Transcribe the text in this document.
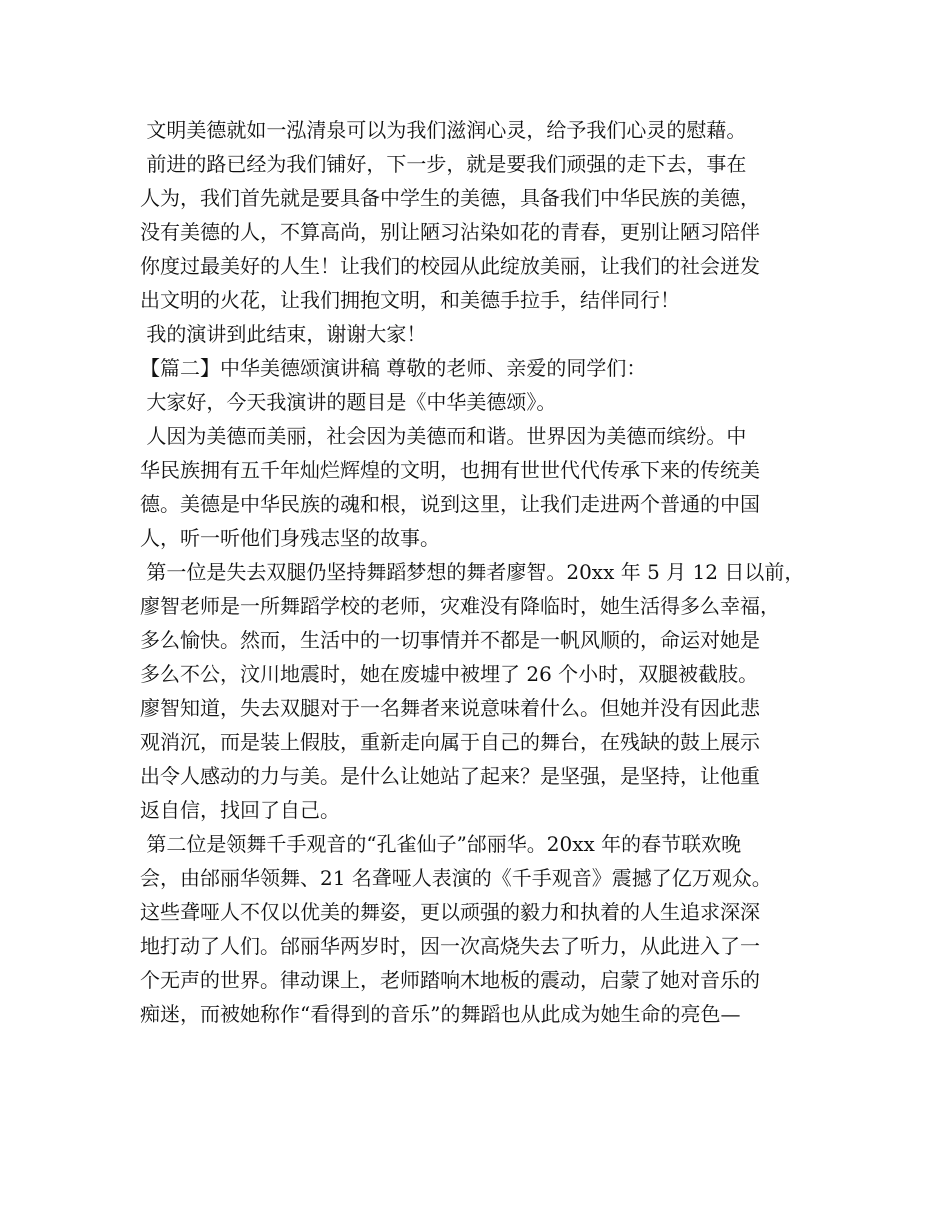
文明美德就如一泓清泉可以为我们滋润心灵，给予我们心灵的慰藉。
前进的路已经为我们铺好，下一步，就是要我们顽强的走下去，事在
人为，我们首先就是要具备中学生的美德，具备我们中华民族的美德，
没有美德的人，不算高尚，别让陋习沾染如花的青春，更别让陋习陪伴
你度过最美好的人生！让我们的校园从此绽放美丽，让我们的社会迸发
出文明的火花，让我们拥抱文明，和美德手拉手，结伴同行！
我的演讲到此结束，谢谢大家！
【篇二】中华美德颂演讲稿 尊敬的老师、亲爱的同学们：
大家好，今天我演讲的题目是《中华美德颂》。
人因为美德而美丽，社会因为美德而和谐。世界因为美德而缤纷。中
华民族拥有五千年灿烂辉煌的文明，也拥有世世代代传承下来的传统美
德。美德是中华民族的魂和根，说到这里，让我们走进两个普通的中国
人，听一听他们身残志坚的故事。
第一位是失去双腿仍坚持舞蹈梦想的舞者廖智。20xx 年 5 月 12 日以前，
廖智老师是一所舞蹈学校的老师，灾难没有降临时，她生活得多么幸福，
多么愉快。然而，生活中的一切事情并不都是一帆风顺的，命运对她是
多么不公，汶川地震时，她在废墟中被埋了 26 个小时，双腿被截肢。
廖智知道，失去双腿对于一名舞者来说意味着什么。但她并没有因此悲
观消沉，而是装上假肢，重新走向属于自己的舞台，在残缺的鼓上展示
出令人感动的力与美。是什么让她站了起来？是坚强，是坚持，让他重
返自信，找回了自己。
第二位是领舞千手观音的“孔雀仙子”邰丽华。20xx 年的春节联欢晚
会，由邰丽华领舞、21 名聋哑人表演的《千手观音》震撼了亿万观众。
这些聋哑人不仅以优美的舞姿，更以顽强的毅力和执着的人生追求深深
地打动了人们。邰丽华两岁时，因一次高烧失去了听力，从此进入了一
个无声的世界。律动课上，老师踏响木地板的震动，启蒙了她对音乐的
痴迷，而被她称作“看得到的音乐”的舞蹈也从此成为她生命的亮色—
